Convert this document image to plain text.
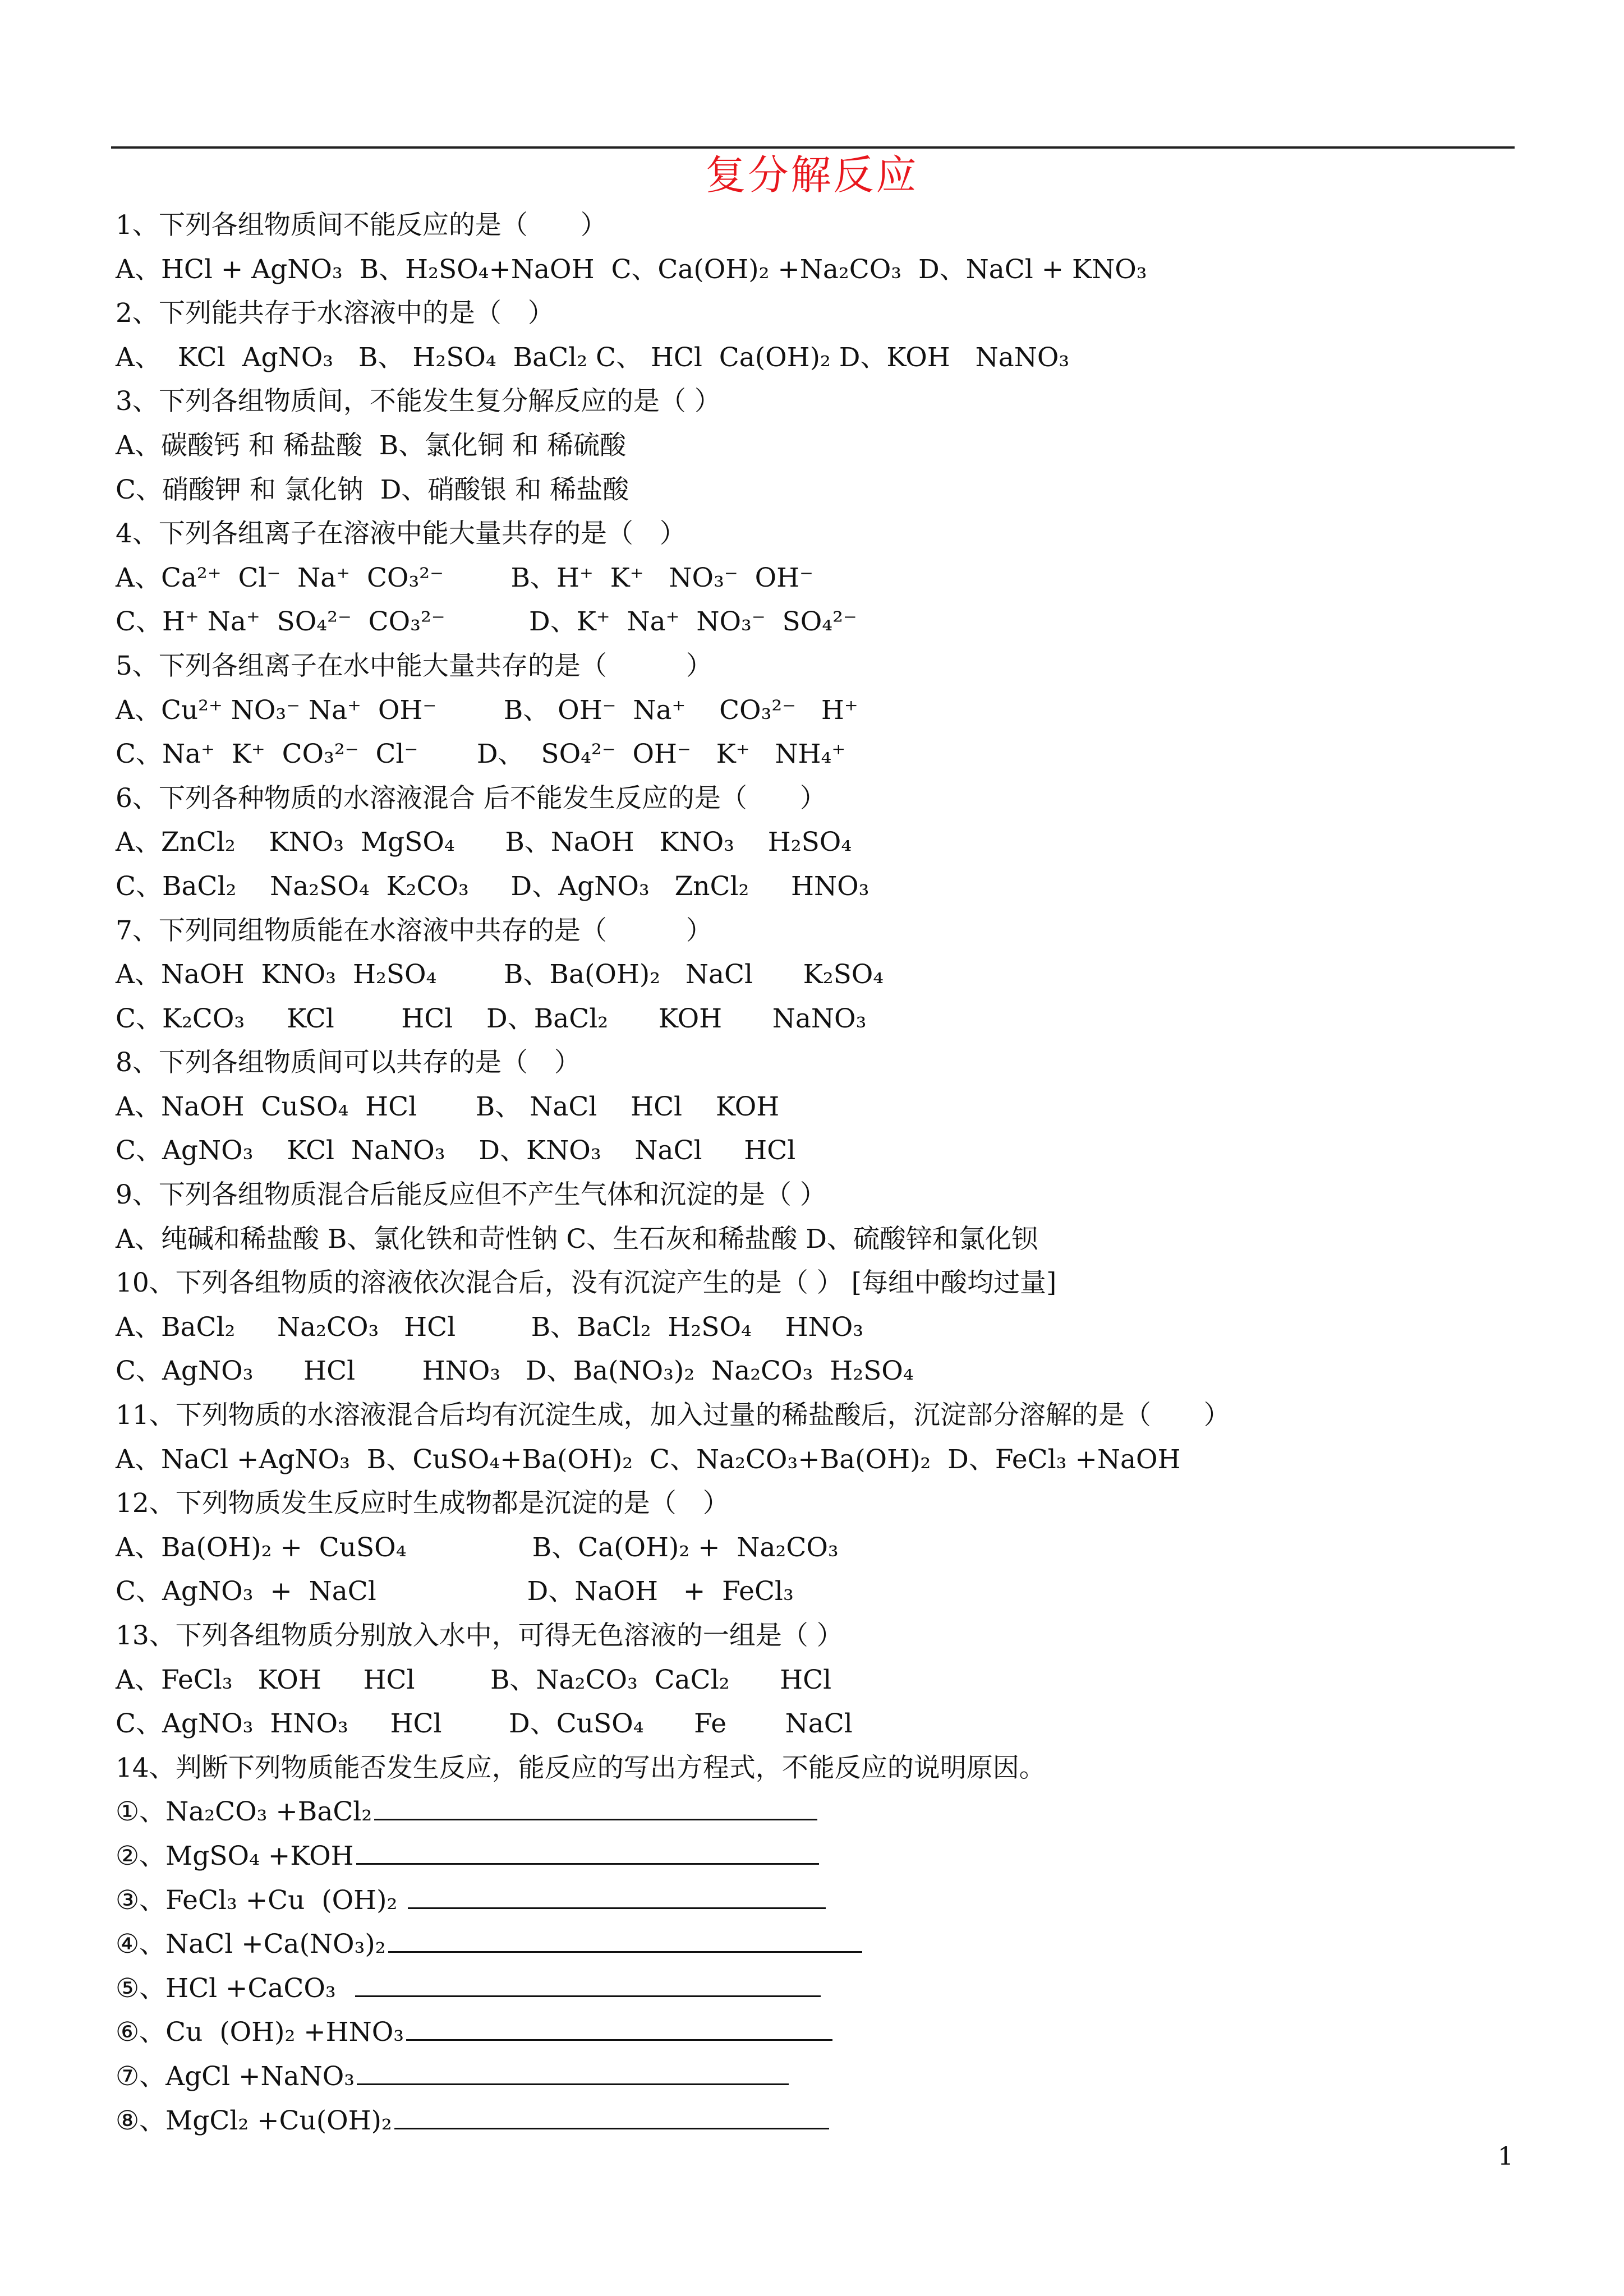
复分解反应
1、下列各组物质间不能反应的是（　　）
A、HCl + AgNO₃  B、H₂SO₄+NaOH  C、Ca(OH)₂ +Na₂CO₃  D、NaCl + KNO₃
2、下列能共存于水溶液中的是（　）
A、  KCl  AgNO₃   B、 H₂SO₄  BaCl₂ C、 HCl  Ca(OH)₂ D、KOH   NaNO₃
3、下列各组物质间，不能发生复分解反应的是（ ）
A、碳酸钙 和 稀盐酸  B、氯化铜 和 稀硫酸
C、硝酸钾 和 氯化钠  D、硝酸银 和 稀盐酸
4、下列各组离子在溶液中能大量共存的是（　）
A、Ca²⁺  Cl⁻  Na⁺  CO₃²⁻        B、H⁺  K⁺   NO₃⁻  OH⁻
C、H⁺ Na⁺  SO₄²⁻  CO₃²⁻          D、K⁺  Na⁺  NO₃⁻  SO₄²⁻
5、下列各组离子在水中能大量共存的是（　　　）
A、Cu²⁺ NO₃⁻ Na⁺  OH⁻        B、 OH⁻  Na⁺    CO₃²⁻   H⁺
C、Na⁺  K⁺  CO₃²⁻  Cl⁻       D、  SO₄²⁻  OH⁻   K⁺   NH₄⁺
6、下列各种物质的水溶液混合 后不能发生反应的是（　　）
A、ZnCl₂    KNO₃  MgSO₄      B、NaOH   KNO₃    H₂SO₄
C、BaCl₂    Na₂SO₄  K₂CO₃     D、AgNO₃   ZnCl₂     HNO₃
7、下列同组物质能在水溶液中共存的是（　　　）
A、NaOH  KNO₃  H₂SO₄        B、Ba(OH)₂   NaCl      K₂SO₄
C、K₂CO₃     KCl        HCl    D、BaCl₂      KOH      NaNO₃
8、下列各组物质间可以共存的是（　）
A、NaOH  CuSO₄  HCl       B、 NaCl    HCl    KOH
C、AgNO₃    KCl  NaNO₃    D、KNO₃    NaCl     HCl
9、下列各组物质混合后能反应但不产生气体和沉淀的是（ ）
A、纯碱和稀盐酸 B、氯化铁和苛性钠 C、生石灰和稀盐酸 D、硫酸锌和氯化钡
10、下列各组物质的溶液依次混合后，没有沉淀产生的是（ ） [每组中酸均过量]
A、BaCl₂     Na₂CO₃   HCl         B、BaCl₂  H₂SO₄    HNO₃
C、AgNO₃      HCl        HNO₃   D、Ba(NO₃)₂  Na₂CO₃  H₂SO₄
11、下列物质的水溶液混合后均有沉淀生成，加入过量的稀盐酸后，沉淀部分溶解的是（　　）
A、NaCl +AgNO₃  B、CuSO₄+Ba(OH)₂  C、Na₂CO₃+Ba(OH)₂  D、FeCl₃ +NaOH
12、下列物质发生反应时生成物都是沉淀的是（　）
A、Ba(OH)₂ +  CuSO₄               B、Ca(OH)₂ +  Na₂CO₃
C、AgNO₃  +  NaCl                  D、NaOH   +  FeCl₃
13、下列各组物质分别放入水中，可得无色溶液的一组是（ ）
A、FeCl₃   KOH     HCl         B、Na₂CO₃  CaCl₂      HCl
C、AgNO₃  HNO₃     HCl        D、CuSO₄      Fe       NaCl
14、判断下列物质能否发生反应，能反应的写出方程式，不能反应的说明原因。
①、Na₂CO₃ +BaCl₂
②、MgSO₄ +KOH
③、FeCl₃ +Cu  (OH)₂
④、NaCl +Ca(NO₃)₂
⑤、HCl +CaCO₃
⑥、Cu  (OH)₂ +HNO₃
⑦、AgCl +NaNO₃
⑧、MgCl₂ +Cu(OH)₂
1
